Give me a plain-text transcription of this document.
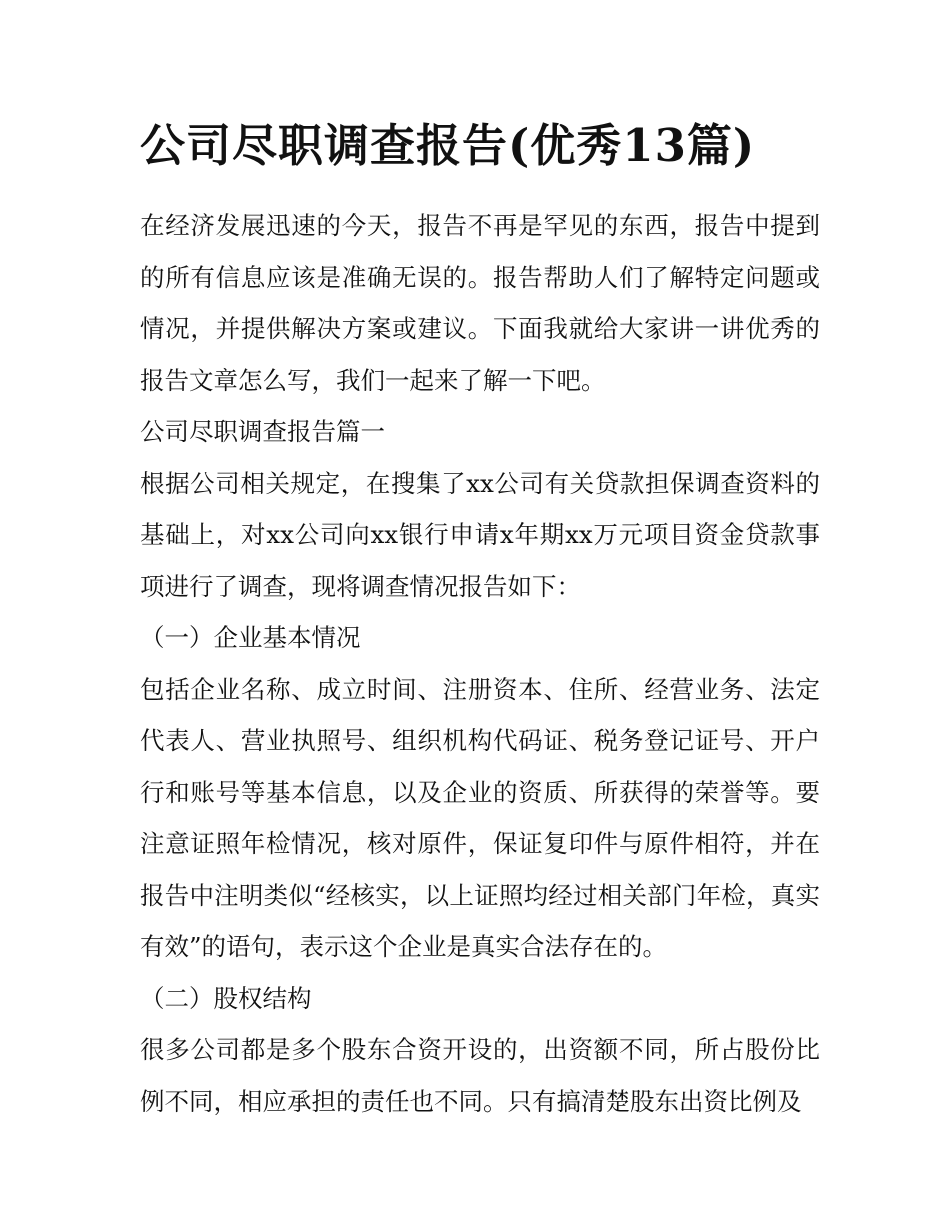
公司尽职调查报告(优秀13篇)

在经济发展迅速的今天，报告不再是罕见的东西，报告中提到的所有信息应该是准确无误的。报告帮助人们了解特定问题或情况，并提供解决方案或建议。下面我就给大家讲一讲优秀的报告文章怎么写，我们一起来了解一下吧。

公司尽职调查报告篇一

根据公司相关规定，在搜集了xx公司有关贷款担保调查资料的基础上，对xx公司向xx银行申请x年期xx万元项目资金贷款事项进行了调查，现将调查情况报告如下：

（一）企业基本情况

包括企业名称、成立时间、注册资本、住所、经营业务、法定代表人、营业执照号、组织机构代码证、税务登记证号、开户行和账号等基本信息，以及企业的资质、所获得的荣誉等。要注意证照年检情况，核对原件，保证复印件与原件相符，并在报告中注明类似“经核实，以上证照均经过相关部门年检，真实有效”的语句，表示这个企业是真实合法存在的。

（二）股权结构

很多公司都是多个股东合资开设的，出资额不同，所占股份比例不同，相应承担的责任也不同。只有搞清楚股东出资比例及
